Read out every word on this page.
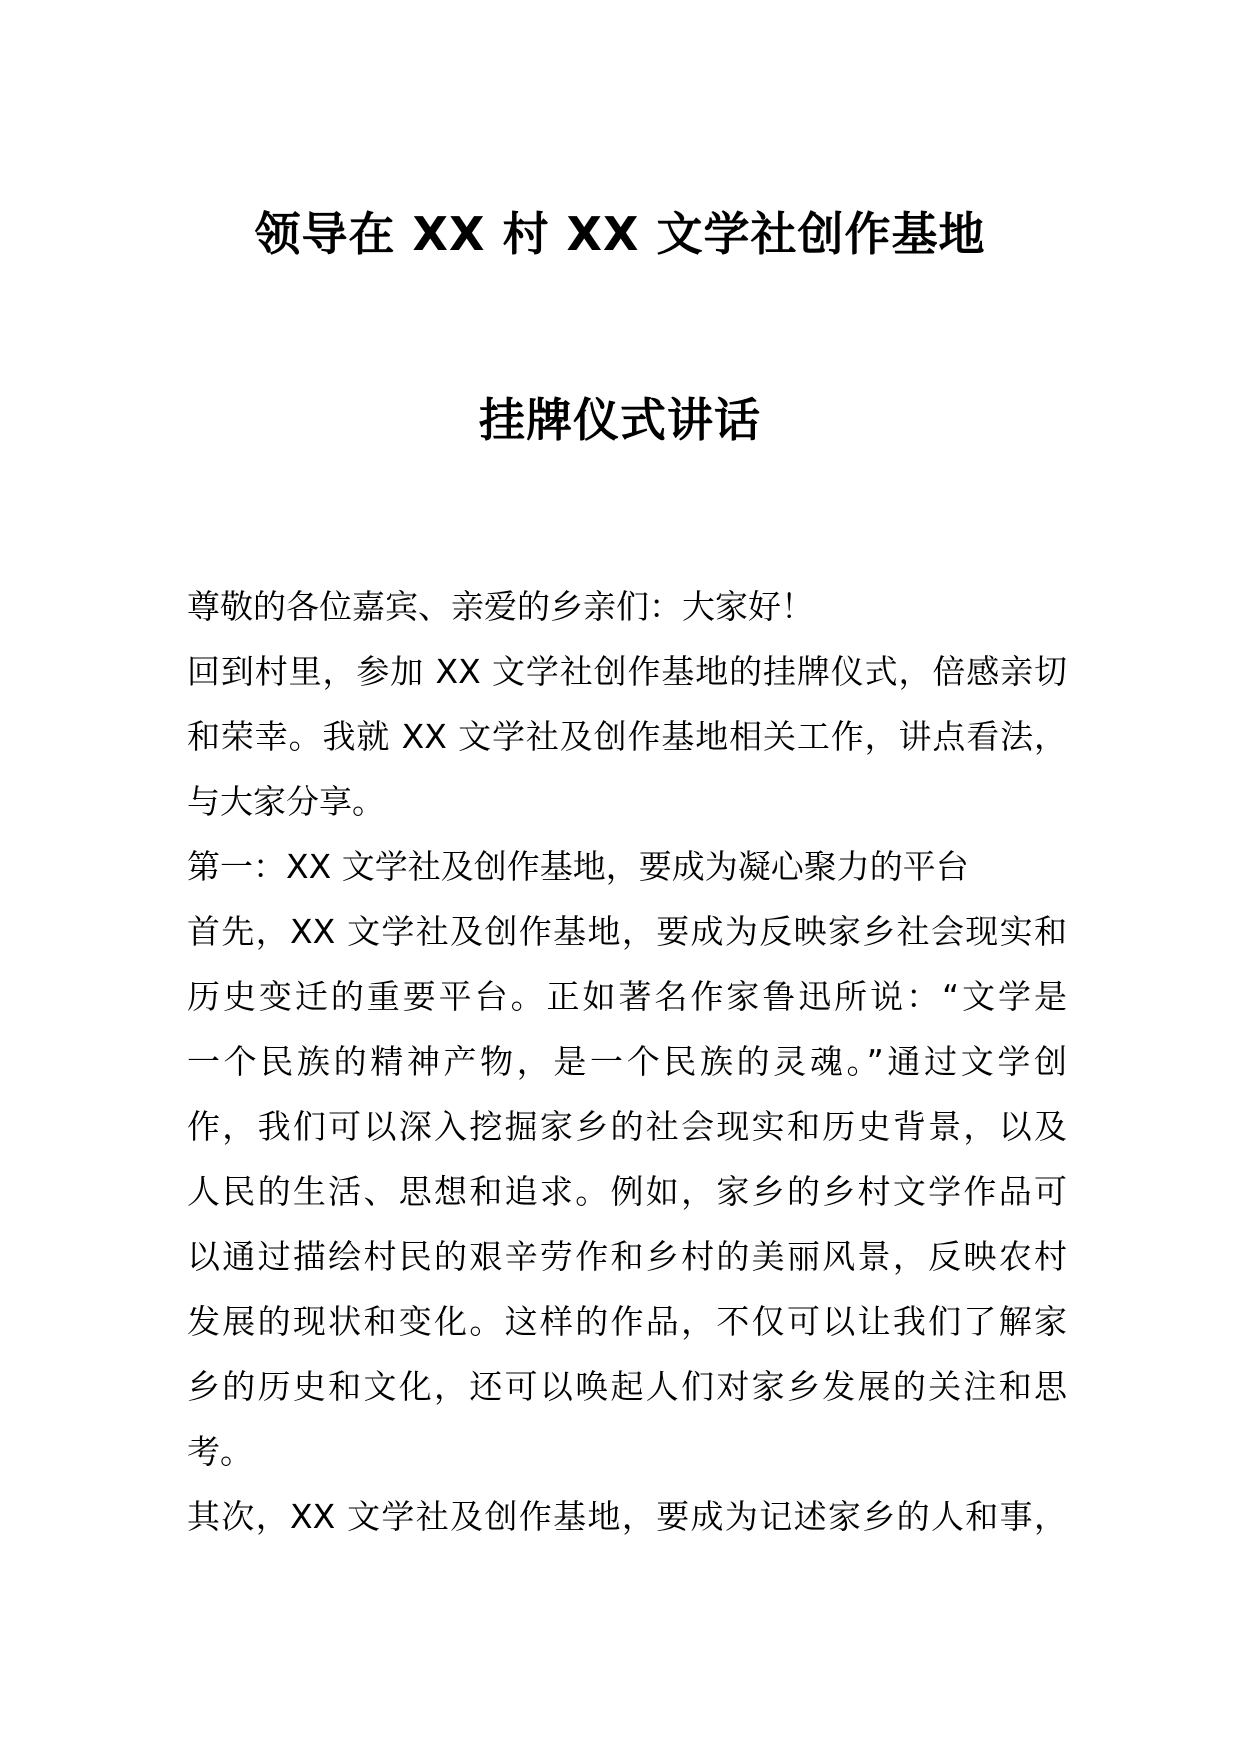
领导在 XX 村 XX 文学社创作基地
挂牌仪式讲话
尊敬的各位嘉宾、亲爱的乡亲们：大家好！
回到村里，参加 XX 文学社创作基地的挂牌仪式，倍感亲切
和荣幸。我就 XX 文学社及创作基地相关工作，讲点看法，
与大家分享。
第一：XX 文学社及创作基地，要成为凝心聚力的平台
首先，XX 文学社及创作基地，要成为反映家乡社会现实和
历史变迁的重要平台。正如著名作家鲁迅所说：“文学是
一个民族的精神产物，是一个民族的灵魂。”通过文学创
作，我们可以深入挖掘家乡的社会现实和历史背景，以及
人民的生活、思想和追求。例如，家乡的乡村文学作品可
以通过描绘村民的艰辛劳作和乡村的美丽风景，反映农村
发展的现状和变化。这样的作品，不仅可以让我们了解家
乡的历史和文化，还可以唤起人们对家乡发展的关注和思
考。
其次，XX 文学社及创作基地，要成为记述家乡的人和事，
